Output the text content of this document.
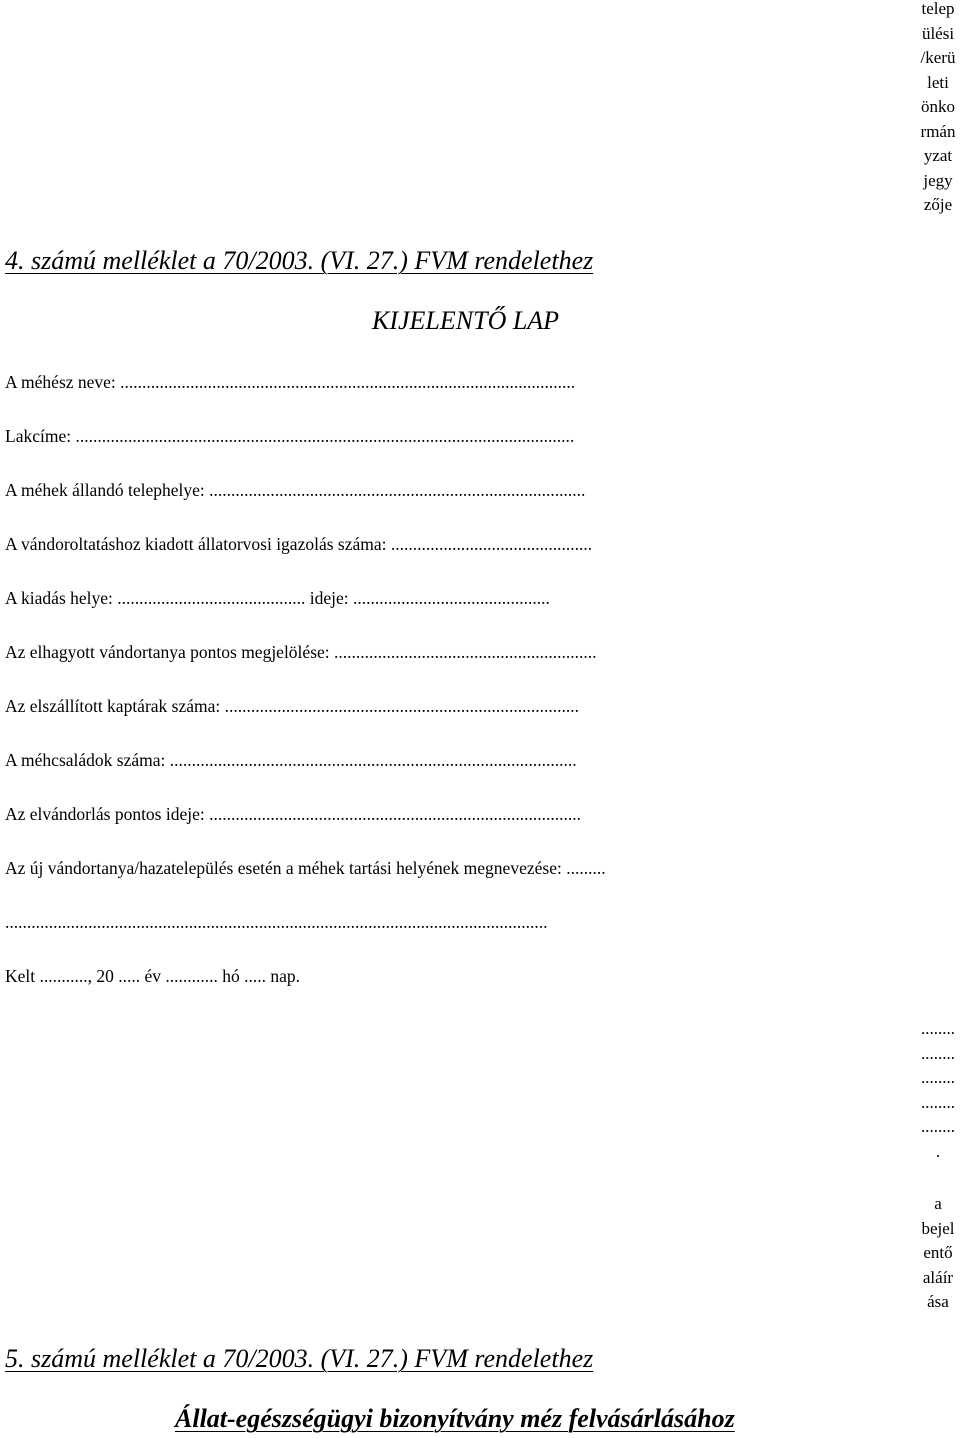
telep
ülési
/kerü
leti
önko
rmán
yzat
jegy
zője
4. számú melléklet a 70/2003. (VI. 27.) FVM rendelethez
KIJELENTŐ LAP
A méhész neve: ........................................................................................................
Lakcíme: ..................................................................................................................
A méhek állandó telephelye: ......................................................................................
A vándoroltatáshoz kiadott állatorvosi igazolás száma: ..............................................
A kiadás helye: ........................................... ideje: .............................................
Az elhagyott vándortanya pontos megjelölése: ............................................................
Az elszállított kaptárak száma: .................................................................................
A méhcsaládok száma: .............................................................................................
Az elvándorlás pontos ideje: .....................................................................................
Az új vándortanya/hazatelepülés esetén a méhek tartási helyének megnevezése: .........
............................................................................................................................
Kelt ..........., 20 ..... év ............ hó ..... nap.
........
........
........
........
........
.
a
bejel
entő
aláír
ása
5. számú melléklet a 70/2003. (VI. 27.) FVM rendelethez
Állat-egészségügyi bizonyítvány méz felvásárlásához
